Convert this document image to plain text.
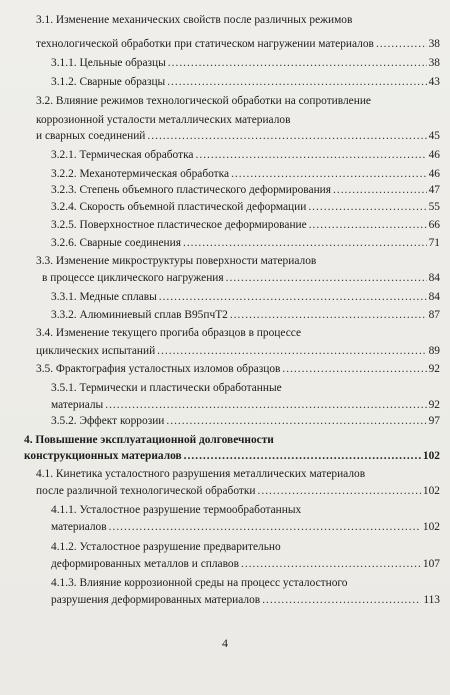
3.1. Изменение механических свойств после различных режимов
технологической обработки при статическом нагружении материалов .....	38
3.1.1. Цельные образцы .....	38
3.1.2. Сварные образцы .....	43
3.2. Влияние режимов технологической обработки на сопротивление
коррозионной усталости металлических материалов
и сварных соединений .....	45
3.2.1. Термическая обработка .....	46
3.2.2. Механотермическая обработка .....	46
3.2.3. Степень объемного пластического деформирования .....	47
3.2.4. Скорость объемной пластической деформации .....	55
3.2.5. Поверхностное пластическое деформирование .....	66
3.2.6. Сварные соединения .....	71
3.3. Изменение микроструктуры поверхности материалов
в процессе циклического нагружения .....	84
3.3.1. Медные сплавы .....	84
3.3.2. Алюминиевый сплав В95пчТ2 .....	87
3.4. Изменение текущего прогиба образцов в процессе
циклических испытаний .....	89
3.5. Фрактография усталостных изломов образцов .....	92
3.5.1. Термически и пластически обработанные
материалы .....	92
3.5.2. Эффект коррозии .....	97
4. Повышение эксплуатационной долговечности
конструкционных материалов .....	102
4.1. Кинетика усталостного разрушения металлических материалов
после различной технологической обработки .....	102
4.1.1. Усталостное разрушение термообработанных
материалов .....	102
4.1.2. Усталостное разрушение предварительно
деформированных металлов и сплавов .....	107
4.1.3. Влияние коррозионной среды на процесс усталостного
разрушения деформированных материалов .....	113
4
